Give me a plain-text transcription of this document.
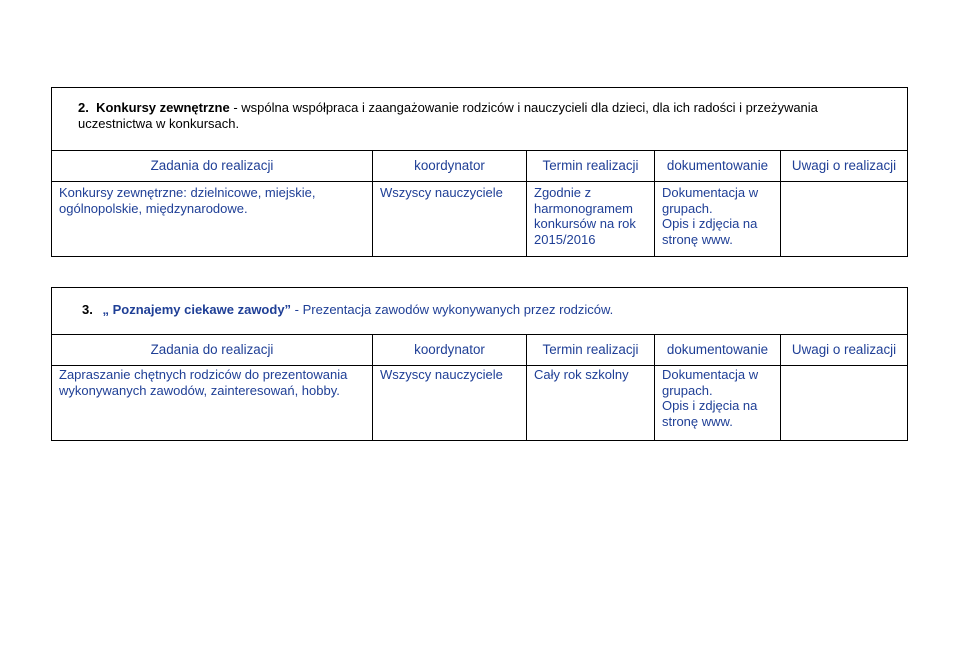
2. Konkursy zewnętrzne - wspólna współpraca i zaangażowanie rodziców i nauczycieli dla dzieci, dla ich radości i przeżywania
uczestnictwa w konkursach.				
Zadania do realizacji	koordynator	Termin realizacji	dokumentowanie	Uwagi o realizacji

Konkursy zewnętrzne: dzielnicowe, miejskie,
ogólnopolskie, międzynarodowe.	Wszyscy nauczyciele	Zgodnie z
harmonogramem
konkursów na rok
2015/2016	Dokumentacja w
grupach.
Opis i zdjęcia na
stronę www.	

3. „ Poznajemy ciekawe zawody” - Prezentacja zawodów wykonywanych przez rodziców.				
Zadania do realizacji	koordynator	Termin realizacji	dokumentowanie	Uwagi o realizacji

Zapraszanie chętnych rodziców do prezentowania
wykonywanych zawodów, zainteresowań, hobby.	Wszyscy nauczyciele	Cały rok szkolny	Dokumentacja w
grupach.
Opis i zdjęcia na
stronę www.	
